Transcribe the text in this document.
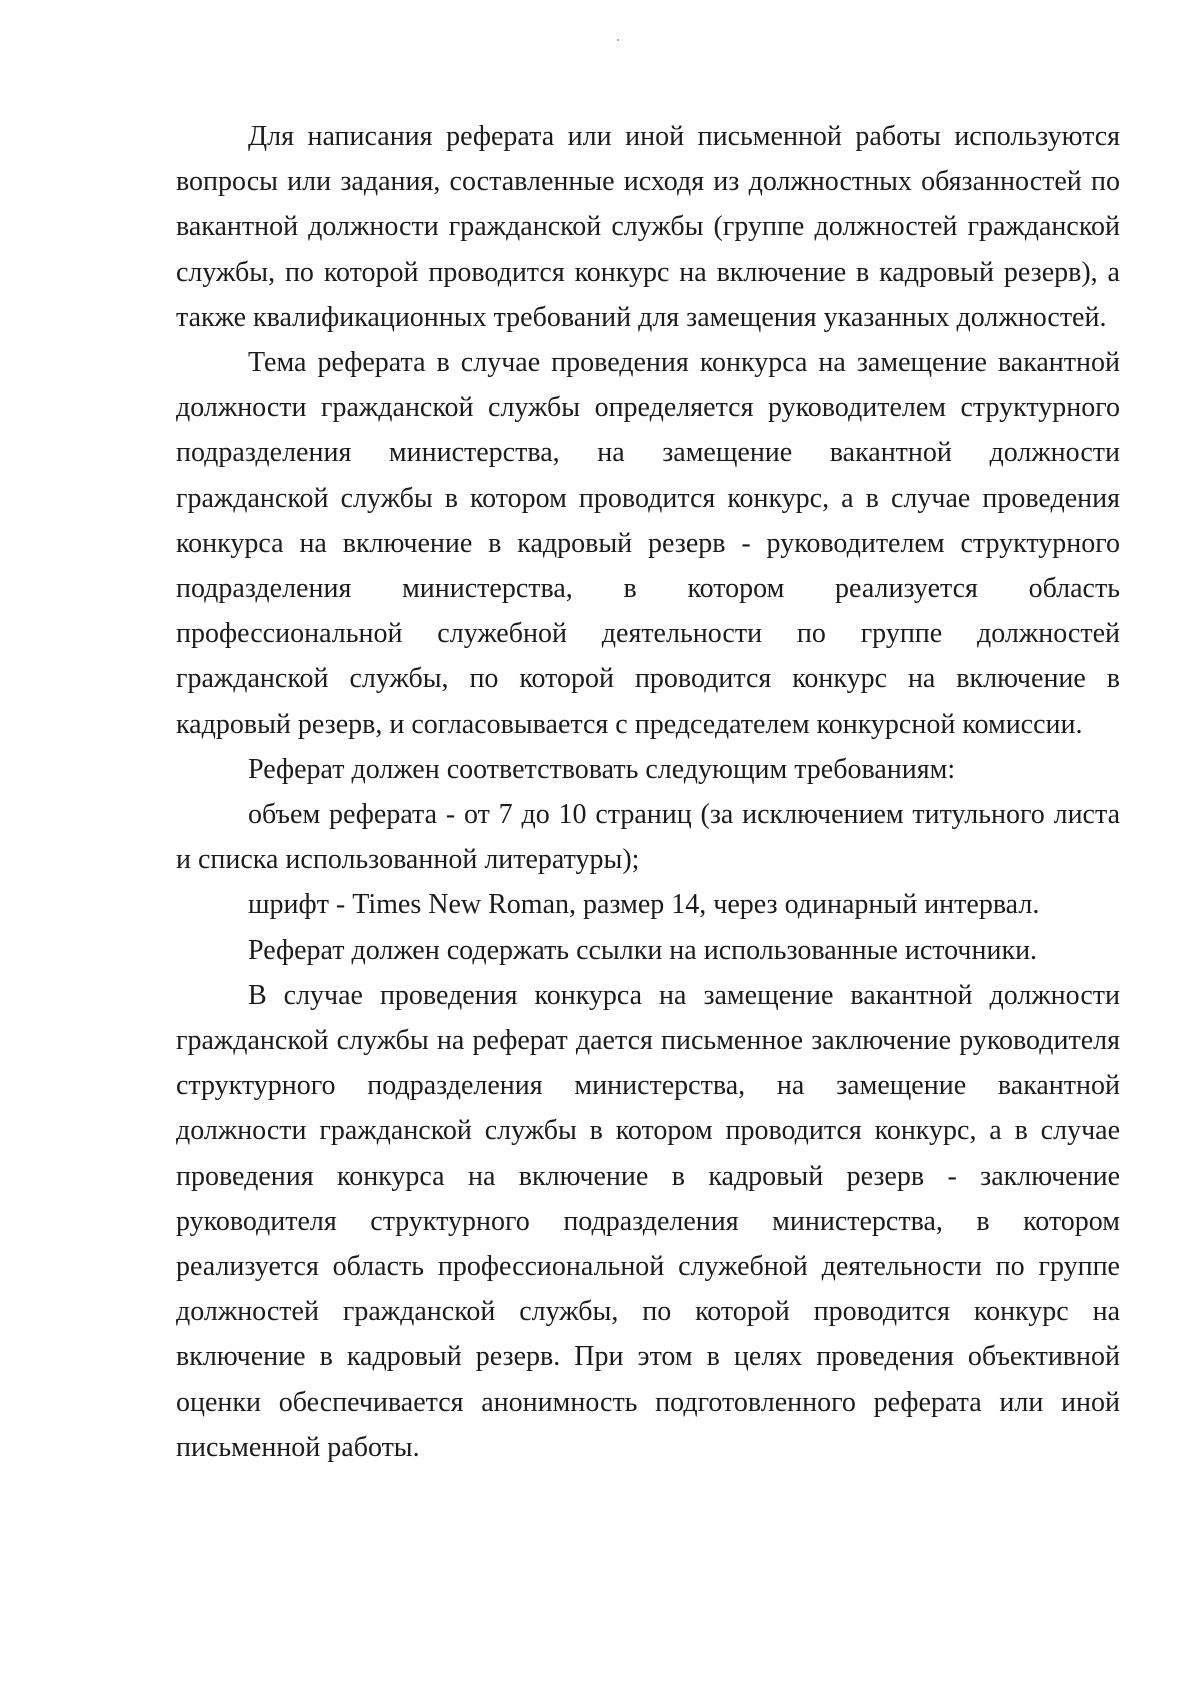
Для написания реферата или иной письменной работы используются вопросы или задания, составленные исходя из должностных обязанностей по вакантной должности гражданской службы (группе должностей гражданской службы, по которой проводится конкурс на включение в кадровый резерв), а также квалификационных требований для замещения указанных должностей.

Тема реферата в случае проведения конкурса на замещение вакантной должности гражданской службы определяется руководителем структурного подразделения министерства, на замещение вакантной должности гражданской службы в котором проводится конкурс, а в случае проведения конкурса на включение в кадровый резерв - руководителем структурного подразделения министерства, в котором реализуется область профессиональной служебной деятельности по группе должностей гражданской службы, по которой проводится конкурс на включение в кадровый резерв, и согласовывается с председателем конкурсной комиссии.

Реферат должен соответствовать следующим требованиям:

объем реферата - от 7 до 10 страниц (за исключением титульного листа и списка использованной литературы);

шрифт - Times New Roman, размер 14, через одинарный интервал.

Реферат должен содержать ссылки на использованные источники.

В случае проведения конкурса на замещение вакантной должности гражданской службы на реферат дается письменное заключение руководителя структурного подразделения министерства, на замещение вакантной должности гражданской службы в котором проводится конкурс, а в случае проведения конкурса на включение в кадровый резерв - заключение руководителя структурного подразделения министерства, в котором реализуется область профессиональной служебной деятельности по группе должностей гражданской службы, по которой проводится конкурс на включение в кадровый резерв. При этом в целях проведения объективной оценки обеспечивается анонимность подготовленного реферата или иной письменной работы.
